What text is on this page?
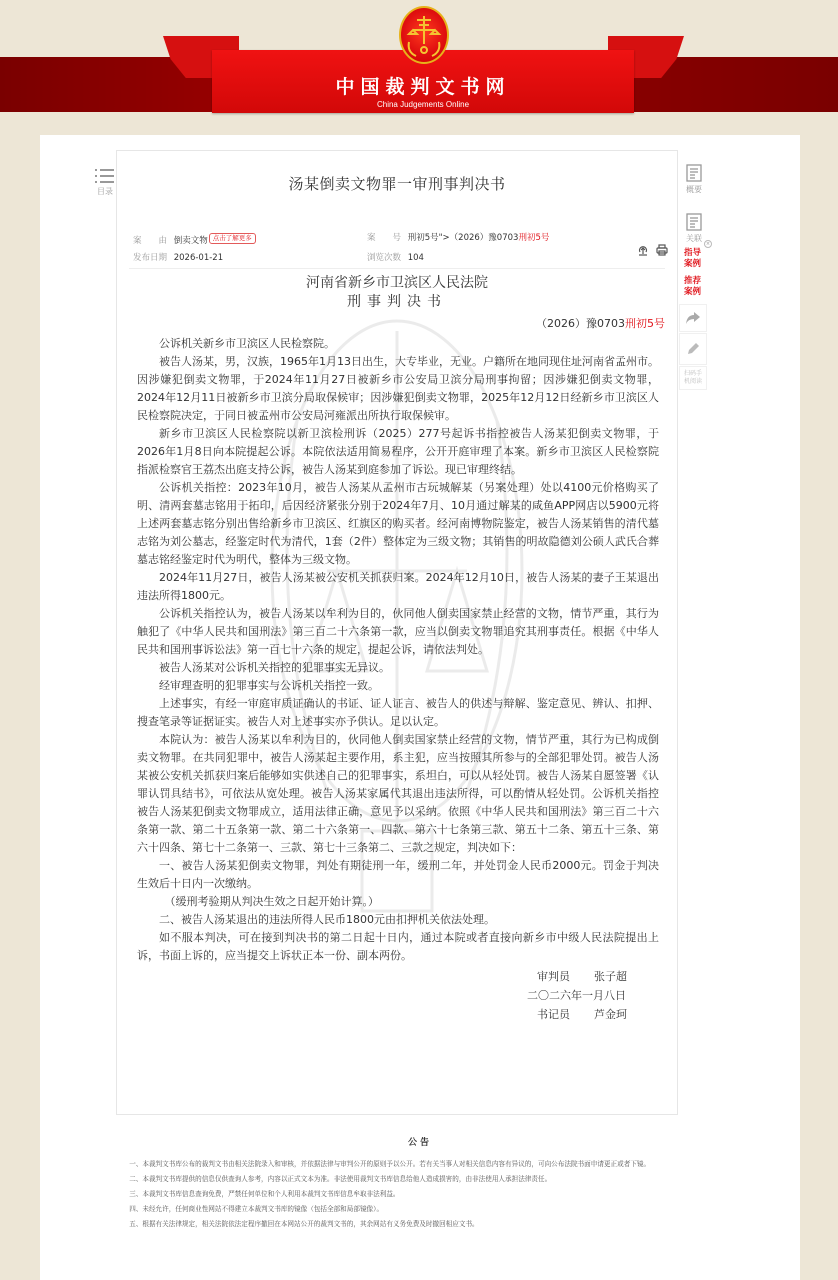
中国裁判文书网
China Judgements Online
目录	汤某倒卖文物罪一审刑事判决书
案　　由 倒卖文物 点击了解更多	案　　号 刑初5号">（2026）豫0703刑初5号
发布日期 2026-01-21	浏览次数 104

河南省新乡市卫滨区人民法院
刑事判决书
（2026）豫0703刑初5号

公诉机关新乡市卫滨区人民检察院。

被告人汤某，男，汉族，1965年1月13日出生，大专毕业，无业。户籍所在地同现住址河南省孟州市。因涉嫌犯倒卖文物罪，于2024年11月27日被新乡市公安局卫滨分局刑事拘留；因涉嫌犯倒卖文物罪，2024年12月11日被新乡市卫滨分局取保候审；因涉嫌犯倒卖文物罪，2025年12月12日经新乡市卫滨区人民检察院决定，于同日被孟州市公安局河雍派出所执行取保候审。

新乡市卫滨区人民检察院以新卫滨检刑诉（2025）277号起诉书指控被告人汤某犯倒卖文物罪，于2026年1月8日向本院提起公诉。本院依法适用简易程序，公开开庭审理了本案。新乡市卫滨区人民检察院指派检察官王荔杰出庭支持公诉，被告人汤某到庭参加了诉讼。现已审理终结。

公诉机关指控：2023年10月，被告人汤某从孟州市古玩城解某（另案处理）处以4100元价格购买了明、清两套墓志铭用于拓印，后因经济紧张分别于2024年7月、10月通过解某的咸鱼APP网店以5900元将上述两套墓志铭分别出售给新乡市卫滨区、红旗区的购买者。经河南博物院鉴定，被告人汤某销售的清代墓志铭为刘公墓志，经鉴定时代为清代，1套（2件）整体定为三级文物；其销售的明故隐德刘公硕人武氏合葬墓志铭经鉴定时代为明代，整体为三级文物。

2024年11月27日，被告人汤某被公安机关抓获归案。2024年12月10日，被告人汤某的妻子王某退出违法所得1800元。

公诉机关指控认为，被告人汤某以牟利为目的，伙同他人倒卖国家禁止经营的文物，情节严重，其行为触犯了《中华人民共和国刑法》第三百二十六条第一款，应当以倒卖文物罪追究其刑事责任。根据《中华人民共和国刑事诉讼法》第一百七十六条的规定，提起公诉，请依法判处。

被告人汤某对公诉机关指控的犯罪事实无异议。

经审理查明的犯罪事实与公诉机关指控一致。

上述事实，有经一审庭审质证确认的书证、证人证言、被告人的供述与辩解、鉴定意见、辨认、扣押、搜查笔录等证据证实。被告人对上述事实亦予供认。足以认定。

本院认为：被告人汤某以牟利为目的，伙同他人倒卖国家禁止经营的文物，情节严重，其行为已构成倒卖文物罪。在共同犯罪中，被告人汤某起主要作用，系主犯，应当按照其所参与的全部犯罪处罚。被告人汤某被公安机关抓获归案后能够如实供述自己的犯罪事实，系坦白，可以从轻处罚。被告人汤某自愿签署《认罪认罚具结书》，可依法从宽处理。被告人汤某家属代其退出违法所得，可以酌情从轻处罚。公诉机关指控被告人汤某犯倒卖文物罪成立，适用法律正确，意见予以采纳。依照《中华人民共和国刑法》第三百二十六条第一款、第二十五条第一款、第二十六条第一、四款、第六十七条第三款、第五十二条、第五十三条、第六十四条、第七十二条第一、三款、第七十三条第二、三款之规定，判决如下：

一、被告人汤某犯倒卖文物罪，判处有期徒刑一年，缓刑二年，并处罚金人民币2000元。罚金于判决生效后十日内一次缴纳。

（缓刑考验期从判决生效之日起开始计算。）

二、被告人汤某退出的违法所得人民币1800元由扣押机关依法处理。

如不服本判决，可在接到判决书的第二日起十日内，通过本院或者直接向新乡市中级人民法院提出上诉，书面上诉的，应当提交上诉状正本一份、副本两份。

审判员 张子超
二〇二六年一月八日
书记员 芦金珂
概要
关联
指导案例
推荐案例
扫码手机阅读
×
公告

一、本裁判文书库公布的裁判文书由相关法院录入和审核，并依据法律与审判公开的原则予以公开。若有关当事人对相关信息内容有异议的，可向公布法院书面申请更正或者下镜。

二、本裁判文书库提供的信息仅供查询人参考，内容以正式文本为准。非法使用裁判文书库信息给他人造成损害的，由非法使用人承担法律责任。

三、本裁判文书库信息查询免费，严禁任何单位和个人利用本裁判文书库信息牟取非法利益。

四、未经允许，任何商业性网站不得建立本裁判文书库的镜像（包括全部和局部镜像）。

五、根据有关法律规定，相关法院依法定程序撤回在本网站公开的裁判文书的，其余网站有义务免费及时撤回相应文书。
